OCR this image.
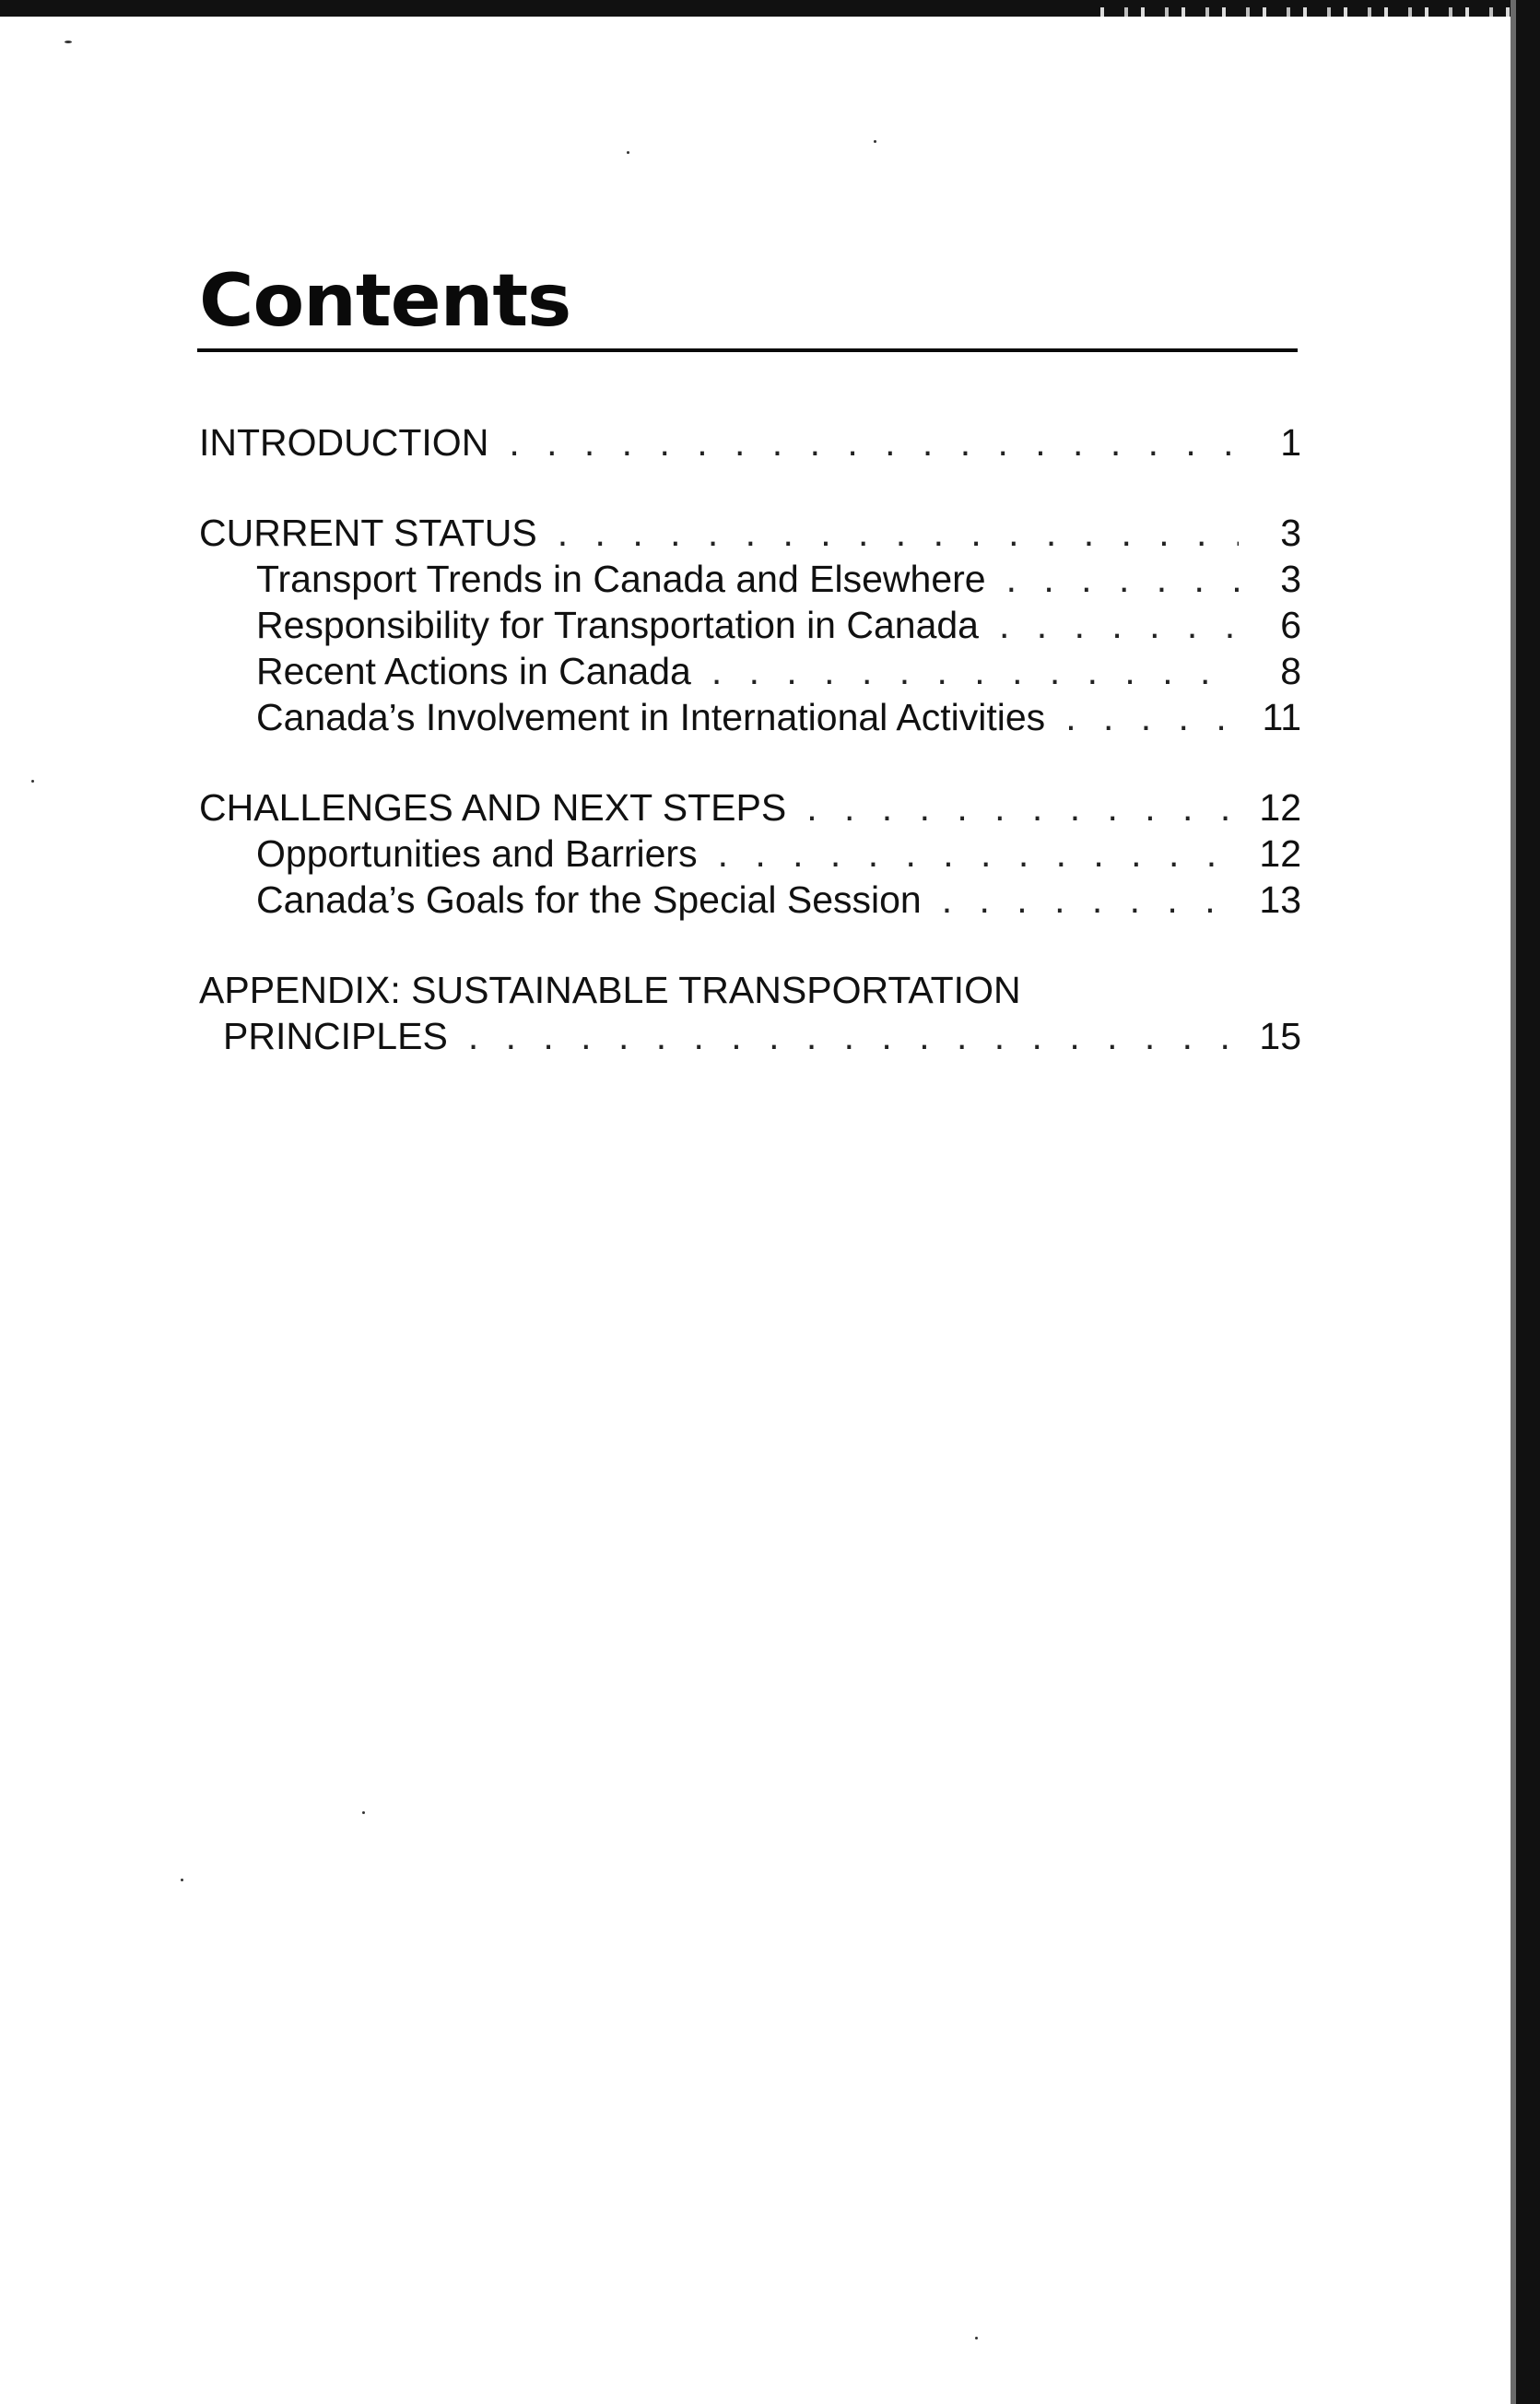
Contents
INTRODUCTION . . .	1
CURRENT STATUS . . .	3
Transport Trends in Canada and Elsewhere . . .	3
Responsibility for Transportation in Canada . . .	6
Recent Actions in Canada . . .	8
Canada’s Involvement in International Activities . . .	11
CHALLENGES AND NEXT STEPS . . .	12
Opportunities and Barriers . . .	12
Canada’s Goals for the Special Session . . .	13
APPENDIX: SUSTAINABLE TRANSPORTATION
PRINCIPLES . . .	15
